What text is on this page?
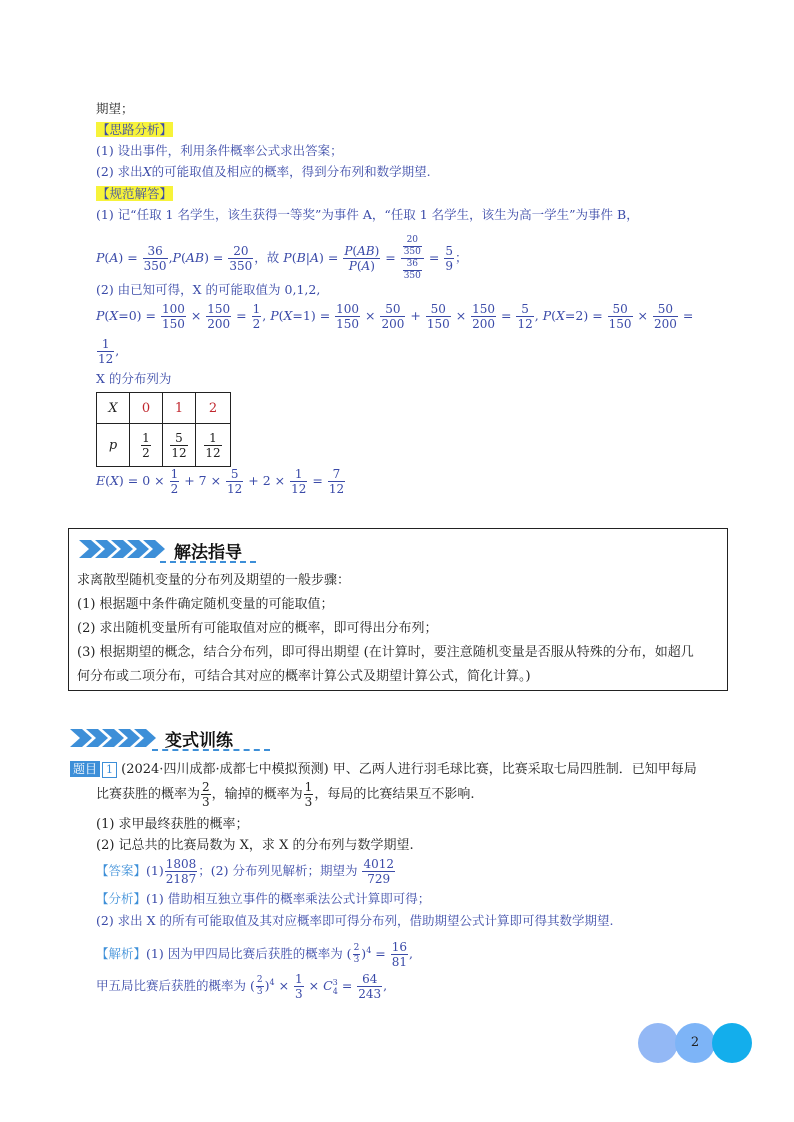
期望；
【思路分析】
(1) 设出事件，利用条件概率公式求出答案；
(2) 求出X的可能取值及相应的概率，得到分布列和数学期望.
【规范解答】
(1) 记“任取 1 名学生，该生获得一等奖”为事件 A，“任取 1 名学生，该生为高一学生”为事件 B，
$P(A) = \frac{36}{350} ,P(AB) = \frac{20}{350}$ ，故 $P(B|A) = \frac{P(AB)}{P(A)} = \frac{\frac{20}{350}}{\frac{36}{350}} = \frac{5}{9}$ ；
(2) 由已知可得，X 的可能取值为 0,1,2,
$P(X=0) = \frac{100}{150} \times \frac{150}{200} = \frac{1}{2}$ , $P(X=1) = \frac{100}{150} \times \frac{50}{200} + \frac{50}{150} \times \frac{150}{200} = \frac{5}{12}$ , $P(X=2) = \frac{50}{150} \times \frac{50}{200}$ =
$\frac{1}{12}$ ,
X 的分布列为
X	0	1	2
p	$\frac{1}{2}$	$\frac{5}{12}$	$\frac{1}{12}$
$E(X) = 0 \times \frac{1}{2} + 7 \times \frac{5}{12} + 2 \times \frac{1}{12} = \frac{7}{12}$
解法指导
求离散型随机变量的分布列及期望的一般步骤：
(1) 根据题中条件确定随机变量的可能取值；
(2) 求出随机变量所有可能取值对应的概率，即可得出分布列；
(3) 根据期望的概念，结合分布列，即可得出期望 (在计算时，要注意随机变量是否服从特殊的分布，如超几
何分布或二项分布，可结合其对应的概率计算公式及期望计算公式，简化计算。)
变式训练
题目 1 (2024·四川成都·成都七中模拟预测) 甲、乙两人进行羽毛球比赛，比赛采取七局四胜制．已知甲每局
比赛获胜的概率为 $\frac{2}{3}$ ，输掉的概率为 $\frac{1}{3}$ ，每局的比赛结果互不影响.
(1) 求甲最终获胜的概率；
(2) 记总共的比赛局数为 X，求 X 的分布列与数学期望.
【答案】$(1) \frac{1808}{2187}$ ；(2) 分布列见解析；期望为 $\frac{4012}{729}$
【分析】(1) 借助相互独立事件的概率乘法公式计算即可得；
(2) 求出 X 的所有可能取值及其对应概率即可得分布列，借助期望公式计算即可得其数学期望.
【解析】(1) 因为甲四局比赛后获胜的概率为 ( $\frac{2}{3} )^4 = \frac{16}{81}$ ,
甲五局比赛后获胜的概率为 ( $\frac{2}{3} )^4 \times \frac{1}{3} \times C^3_4 = \frac{64}{243}$ ,
2
